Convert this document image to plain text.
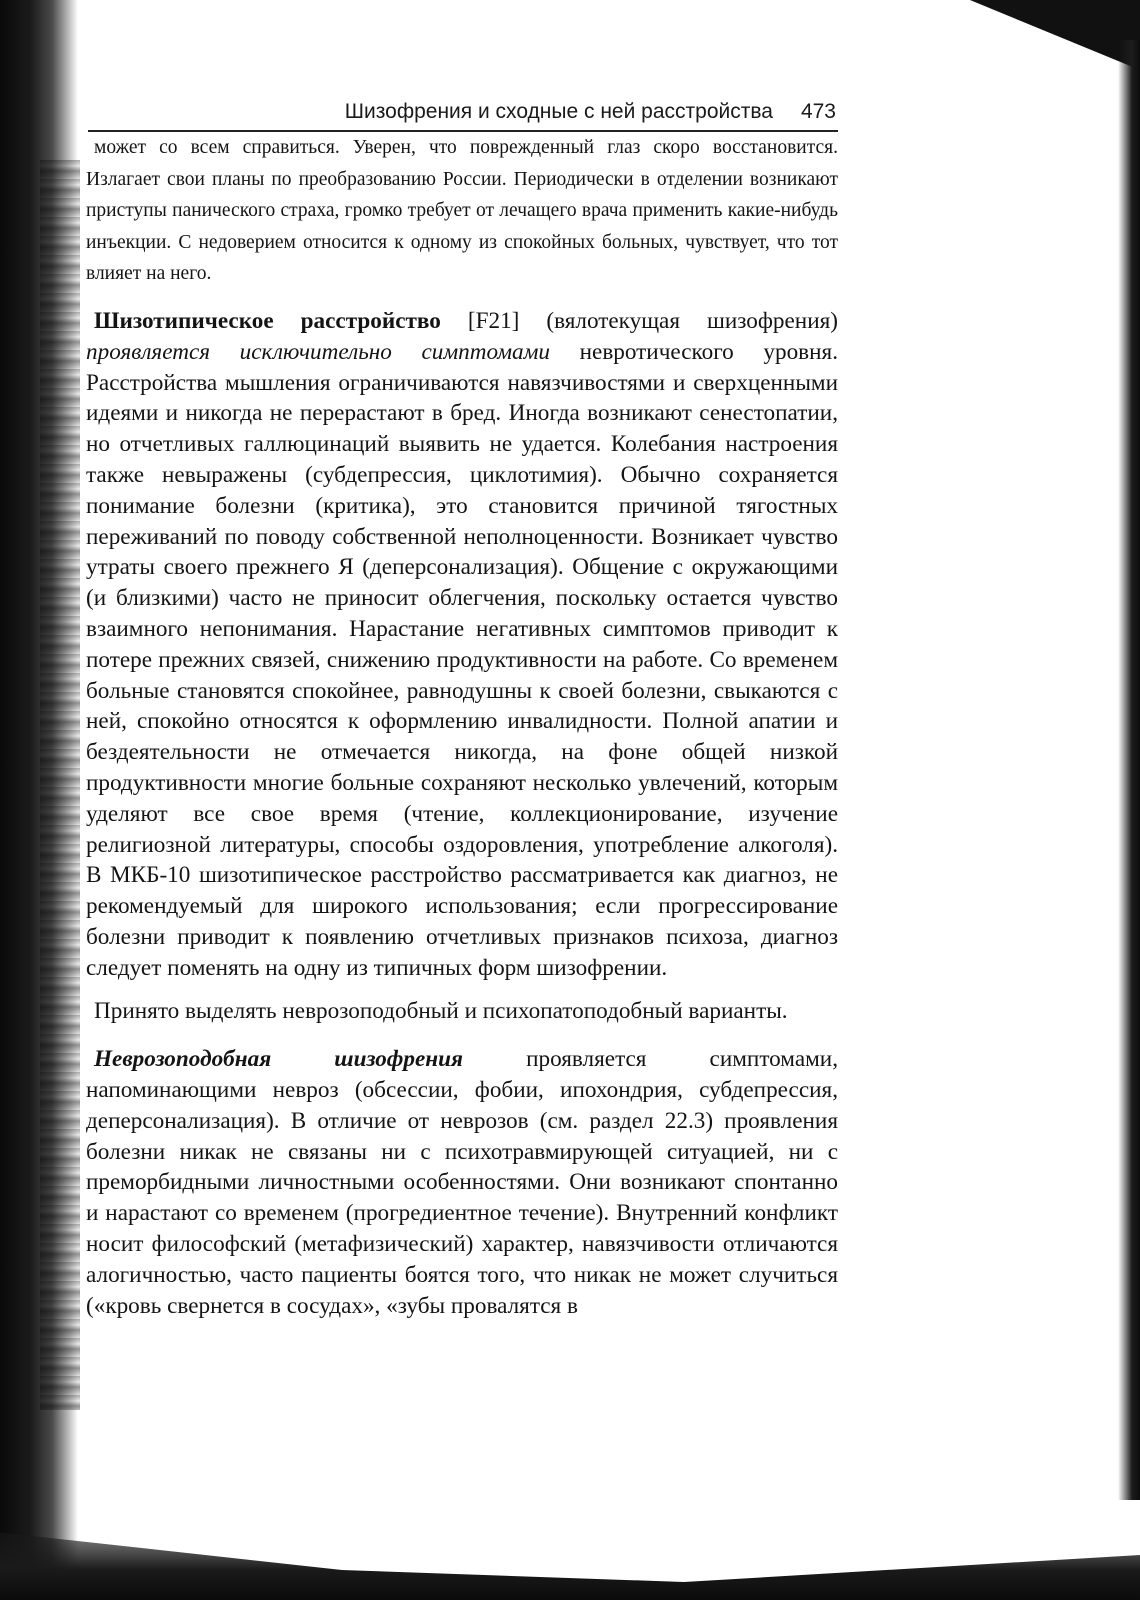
Шизофрения и сходные с ней расстройства 473

может со всем справиться. Уверен, что поврежденный глаз скоро восстановится. Излагает свои планы по преобразованию России. Периодически в отделении возникают приступы панического страха, громко требует от лечащего врача применить какие-нибудь инъекции. С недоверием относится к одному из спокойных больных, чувствует, что тот влияет на него.

Шизотипическое расстройство [F21] (вялотекущая шизофрения) проявляется исключительно симптомами невротического уровня. Расстройства мышления ограничиваются навязчивостями и сверхценными идеями и никогда не перерастают в бред. Иногда возникают сенестопатии, но отчетливых галлюцинаций выявить не удается. Колебания настроения также невыражены (субдепрессия, циклотимия). Обычно сохраняется понимание болезни (критика), это становится причиной тягостных переживаний по поводу собственной неполноценности. Возникает чувство утраты своего прежнего Я (деперсонализация). Общение с окружающими (и близкими) часто не приносит облегчения, поскольку остается чувство взаимного непонимания. Нарастание негативных симптомов приводит к потере прежних связей, снижению продуктивности на работе. Со временем больные становятся спокойнее, равнодушны к своей болезни, свыкаются с ней, спокойно относятся к оформлению инвалидности. Полной апатии и бездеятельности не отмечается никогда, на фоне общей низкой продуктивности многие больные сохраняют несколько увлечений, которым уделяют все свое время (чтение, коллекционирование, изучение религиозной литературы, способы оздоровления, употребление алкоголя). В МКБ-10 шизотипическое расстройство рассматривается как диагноз, не рекомендуемый для широкого использования; если прогрессирование болезни приводит к появлению отчетливых признаков психоза, диагноз следует поменять на одну из типичных форм шизофрении.

Принято выделять неврозоподобный и психопатоподобный варианты.

Неврозоподобная шизофрения проявляется симптомами, напоминающими невроз (обсессии, фобии, ипохондрия, субдепрессия, деперсонализация). В отличие от неврозов (см. раздел 22.3) проявления болезни никак не связаны ни с психотравмирующей ситуацией, ни с преморбидными личностными особенностями. Они возникают спонтанно и нарастают со временем (прогредиентное течение). Внутренний конфликт носит философский (метафизический) характер, навязчивости отличаются алогичностью, часто пациенты боятся того, что никак не может случиться («кровь свернется в сосудах», «зубы провалятся в
